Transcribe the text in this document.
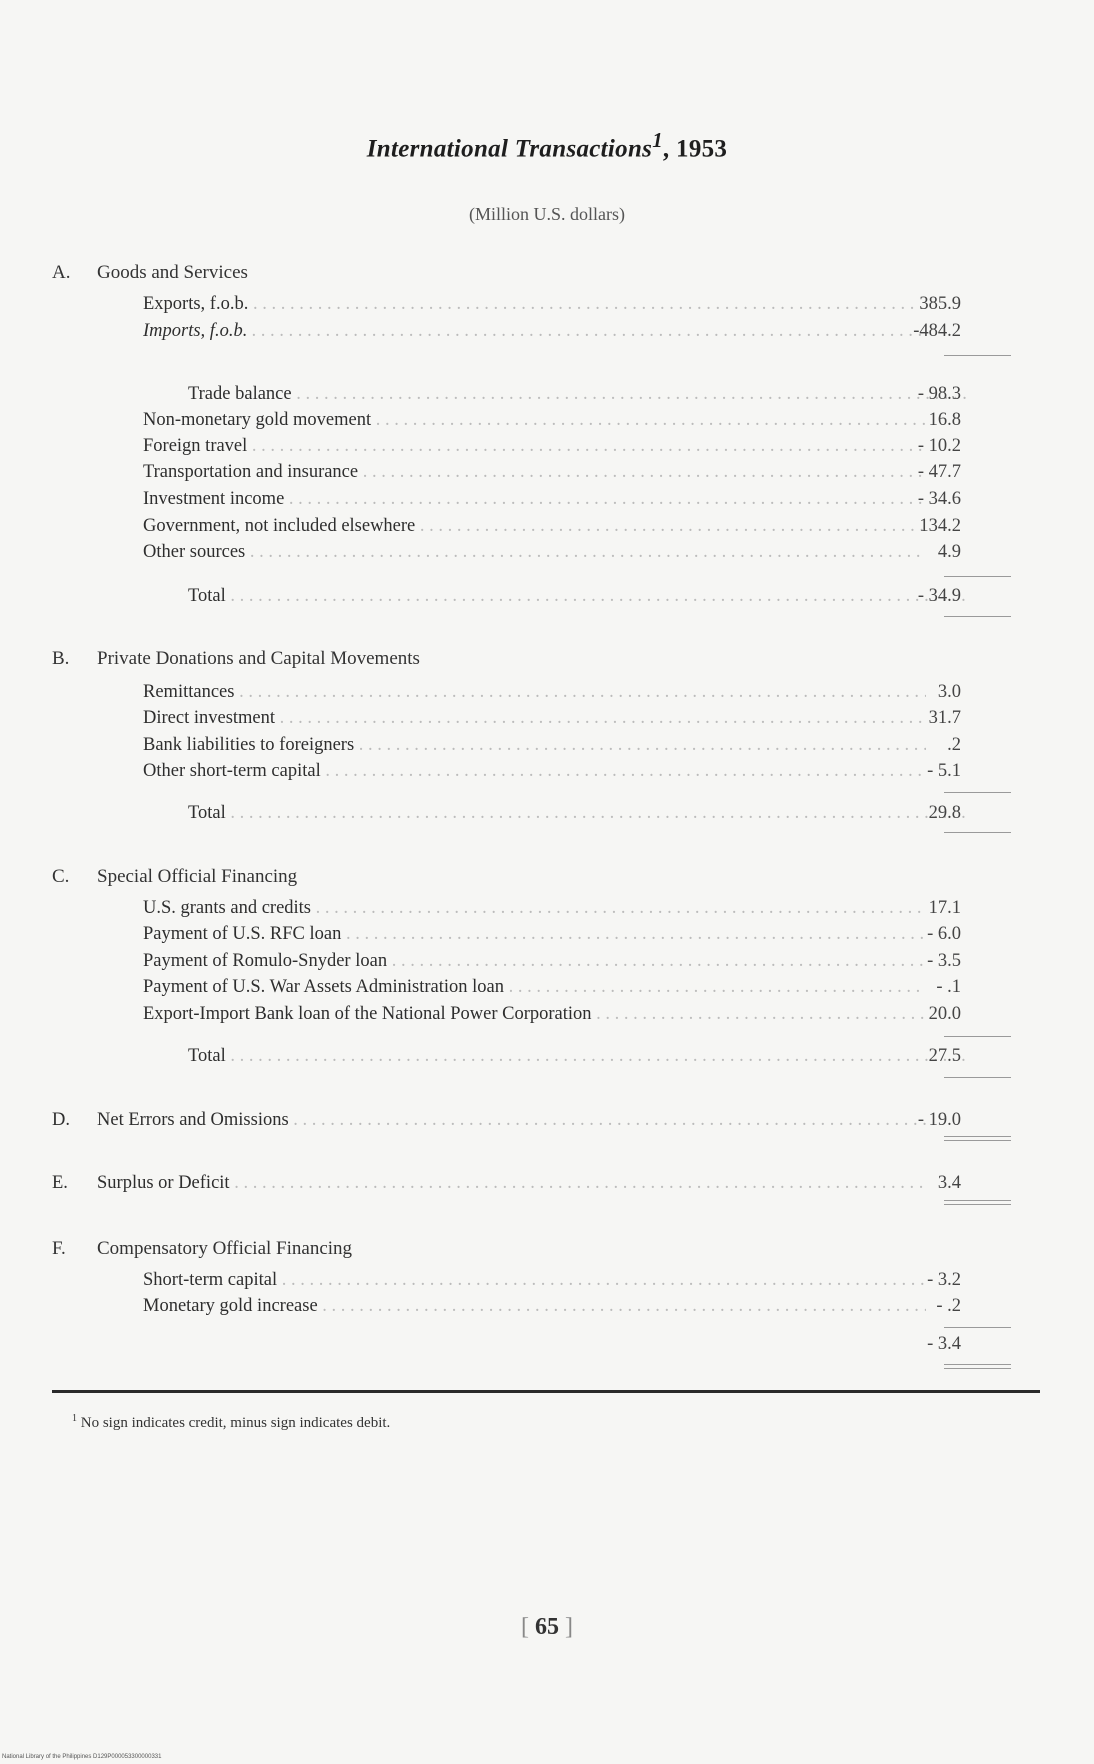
International Transactions$^1$, 1953
(Million U.S. dollars)
A. Goods and Services
Exports, f.o.b. . . .	385.9
Imports, f.o.b. . . .	-484.2
Trade balance . . .	- 98.3
Non-monetary gold movement . . .	16.8
Foreign travel . . .	- 10.2
Transportation and insurance . . .	- 47.7
Investment income . . .	- 34.6
Government, not included elsewhere . . .	134.2
Other sources . . .	4.9
Total . . .	- 34.9
B. Private Donations and Capital Movements
Remittances . . .	3.0
Direct investment . . .	31.7
Bank liabilities to foreigners . . .	.2
Other short-term capital . . .	- 5.1
Total . . .	29.8
C. Special Official Financing
U.S. grants and credits . . .	17.1
Payment of U.S. RFC loan . . .	- 6.0
Payment of Romulo-Snyder loan . . .	- 3.5
Payment of U.S. War Assets Administration loan . . .	- .1
Export-Import Bank loan of the National Power Corporation . . .	20.0
Total . . .	27.5
D. Net Errors and Omissions . . .	- 19.0
E. Surplus or Deficit . . .	3.4
F. Compensatory Official Financing
Short-term capital . . .	- 3.2
Monetary gold increase . . .	- .2
- 3.4
$^1$ No sign indicates credit, minus sign indicates debit.
[ 65 ]
National Library of the Philippines D129P000053300000331
